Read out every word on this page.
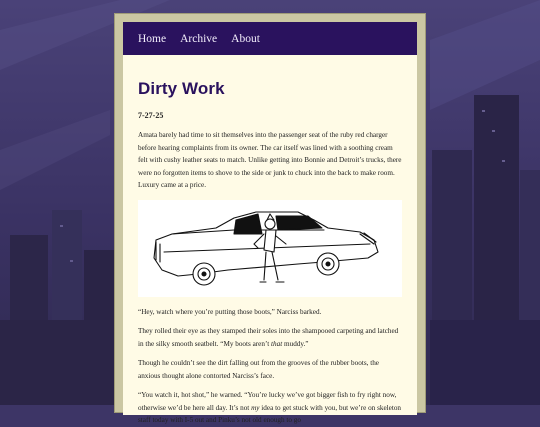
Home Archive About
Dirty Work
7-27-25

Amata barely had time to sit themselves into the passenger seat of the ruby red charger before hearing complaints from its owner. The car itself was lined with a soothing cream felt with cushy leather seats to match. Unlike getting into Bonnie and Detroit’s trucks, there were no forgotten items to shove to the side or junk to chuck into the back to make room. Luxury came at a price.

“Hey, watch where you’re putting those boots,” Narciss barked.

They rolled their eye as they stamped their soles into the shampooed carpeting and latched in the silky smooth seatbelt. “My boots aren’t that muddy.”

Though he couldn’t see the dirt falling out from the grooves of the rubber boots, the anxious thought alone contorted Narciss’s face.

“You watch it, hot shot,” he warned. “You’re lucky we’ve got bigger fish to fry right now, otherwise we’d be here all day. It’s not my idea to get stuck with you, but we’re on skeleton staff today with I-5 out and Pinku’s not old enough to go
